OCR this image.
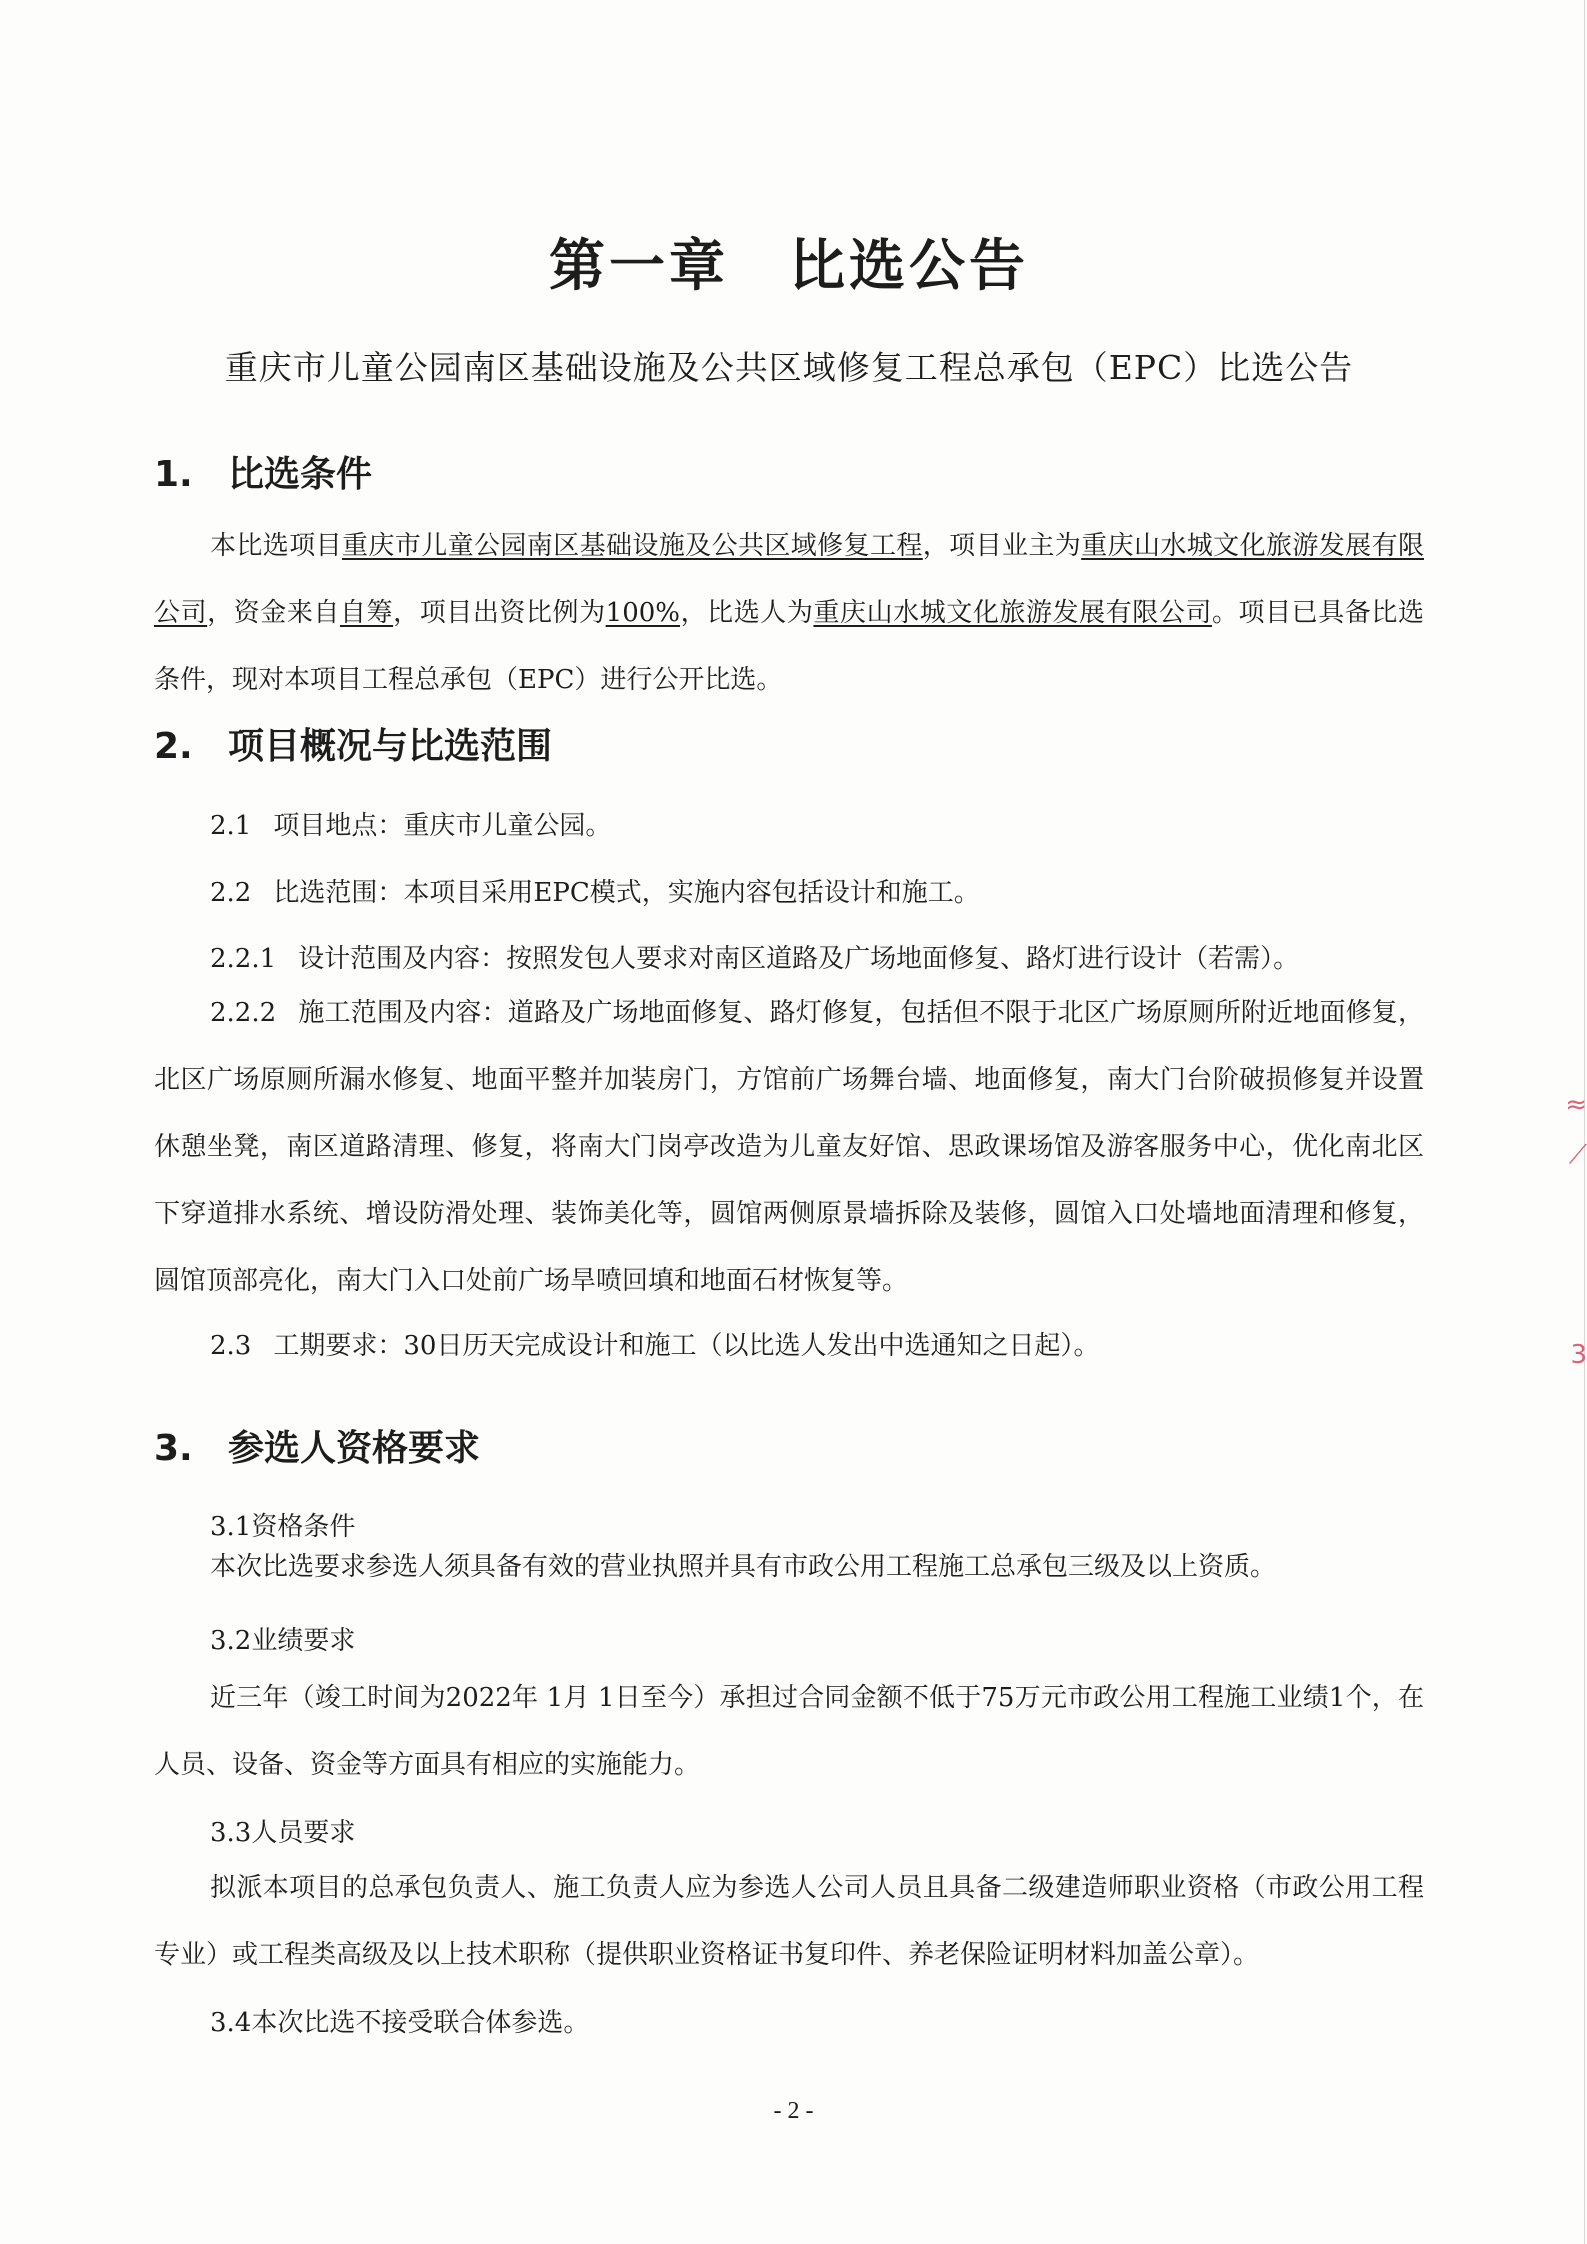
≈
⟋
3
第一章　比选公告
重庆市儿童公园南区基础设施及公共区域修复工程总承包（EPC）比选公告
1. 比选条件
本比选项目重庆市儿童公园南区基础设施及公共区域修复工程，项目业主为重庆山水城文化旅游发展有限公司，资金来自自筹，项目出资比例为100%，比选人为重庆山水城文化旅游发展有限公司。项目已具备比选条件，现对本项目工程总承包（EPC）进行公开比选。
2. 项目概况与比选范围
2.1 项目地点：重庆市儿童公园。
2.2 比选范围：本项目采用EPC模式，实施内容包括设计和施工。
2.2.1 设计范围及内容：按照发包人要求对南区道路及广场地面修复、路灯进行设计（若需）。
2.2.2 施工范围及内容：道路及广场地面修复、路灯修复，包括但不限于北区广场原厕所附近地面修复，北区广场原厕所漏水修复、地面平整并加装房门，方馆前广场舞台墙、地面修复，南大门台阶破损修复并设置休憩坐凳，南区道路清理、修复，将南大门岗亭改造为儿童友好馆、思政课场馆及游客服务中心，优化南北区下穿道排水系统、增设防滑处理、装饰美化等，圆馆两侧原景墙拆除及装修，圆馆入口处墙地面清理和修复，圆馆顶部亮化，南大门入口处前广场旱喷回填和地面石材恢复等。
2.3 工期要求：30日历天完成设计和施工（以比选人发出中选通知之日起）。
3. 参选人资格要求
3.1资格条件
本次比选要求参选人须具备有效的营业执照并具有市政公用工程施工总承包三级及以上资质。
3.2业绩要求
近三年（竣工时间为2022年 1月 1日至今）承担过合同金额不低于75万元市政公用工程施工业绩1个，在人员、设备、资金等方面具有相应的实施能力。
3.3人员要求
拟派本项目的总承包负责人、施工负责人应为参选人公司人员且具备二级建造师职业资格（市政公用工程专业）或工程类高级及以上技术职称（提供职业资格证书复印件、养老保险证明材料加盖公章）。
3.4本次比选不接受联合体参选。
- 2 -
